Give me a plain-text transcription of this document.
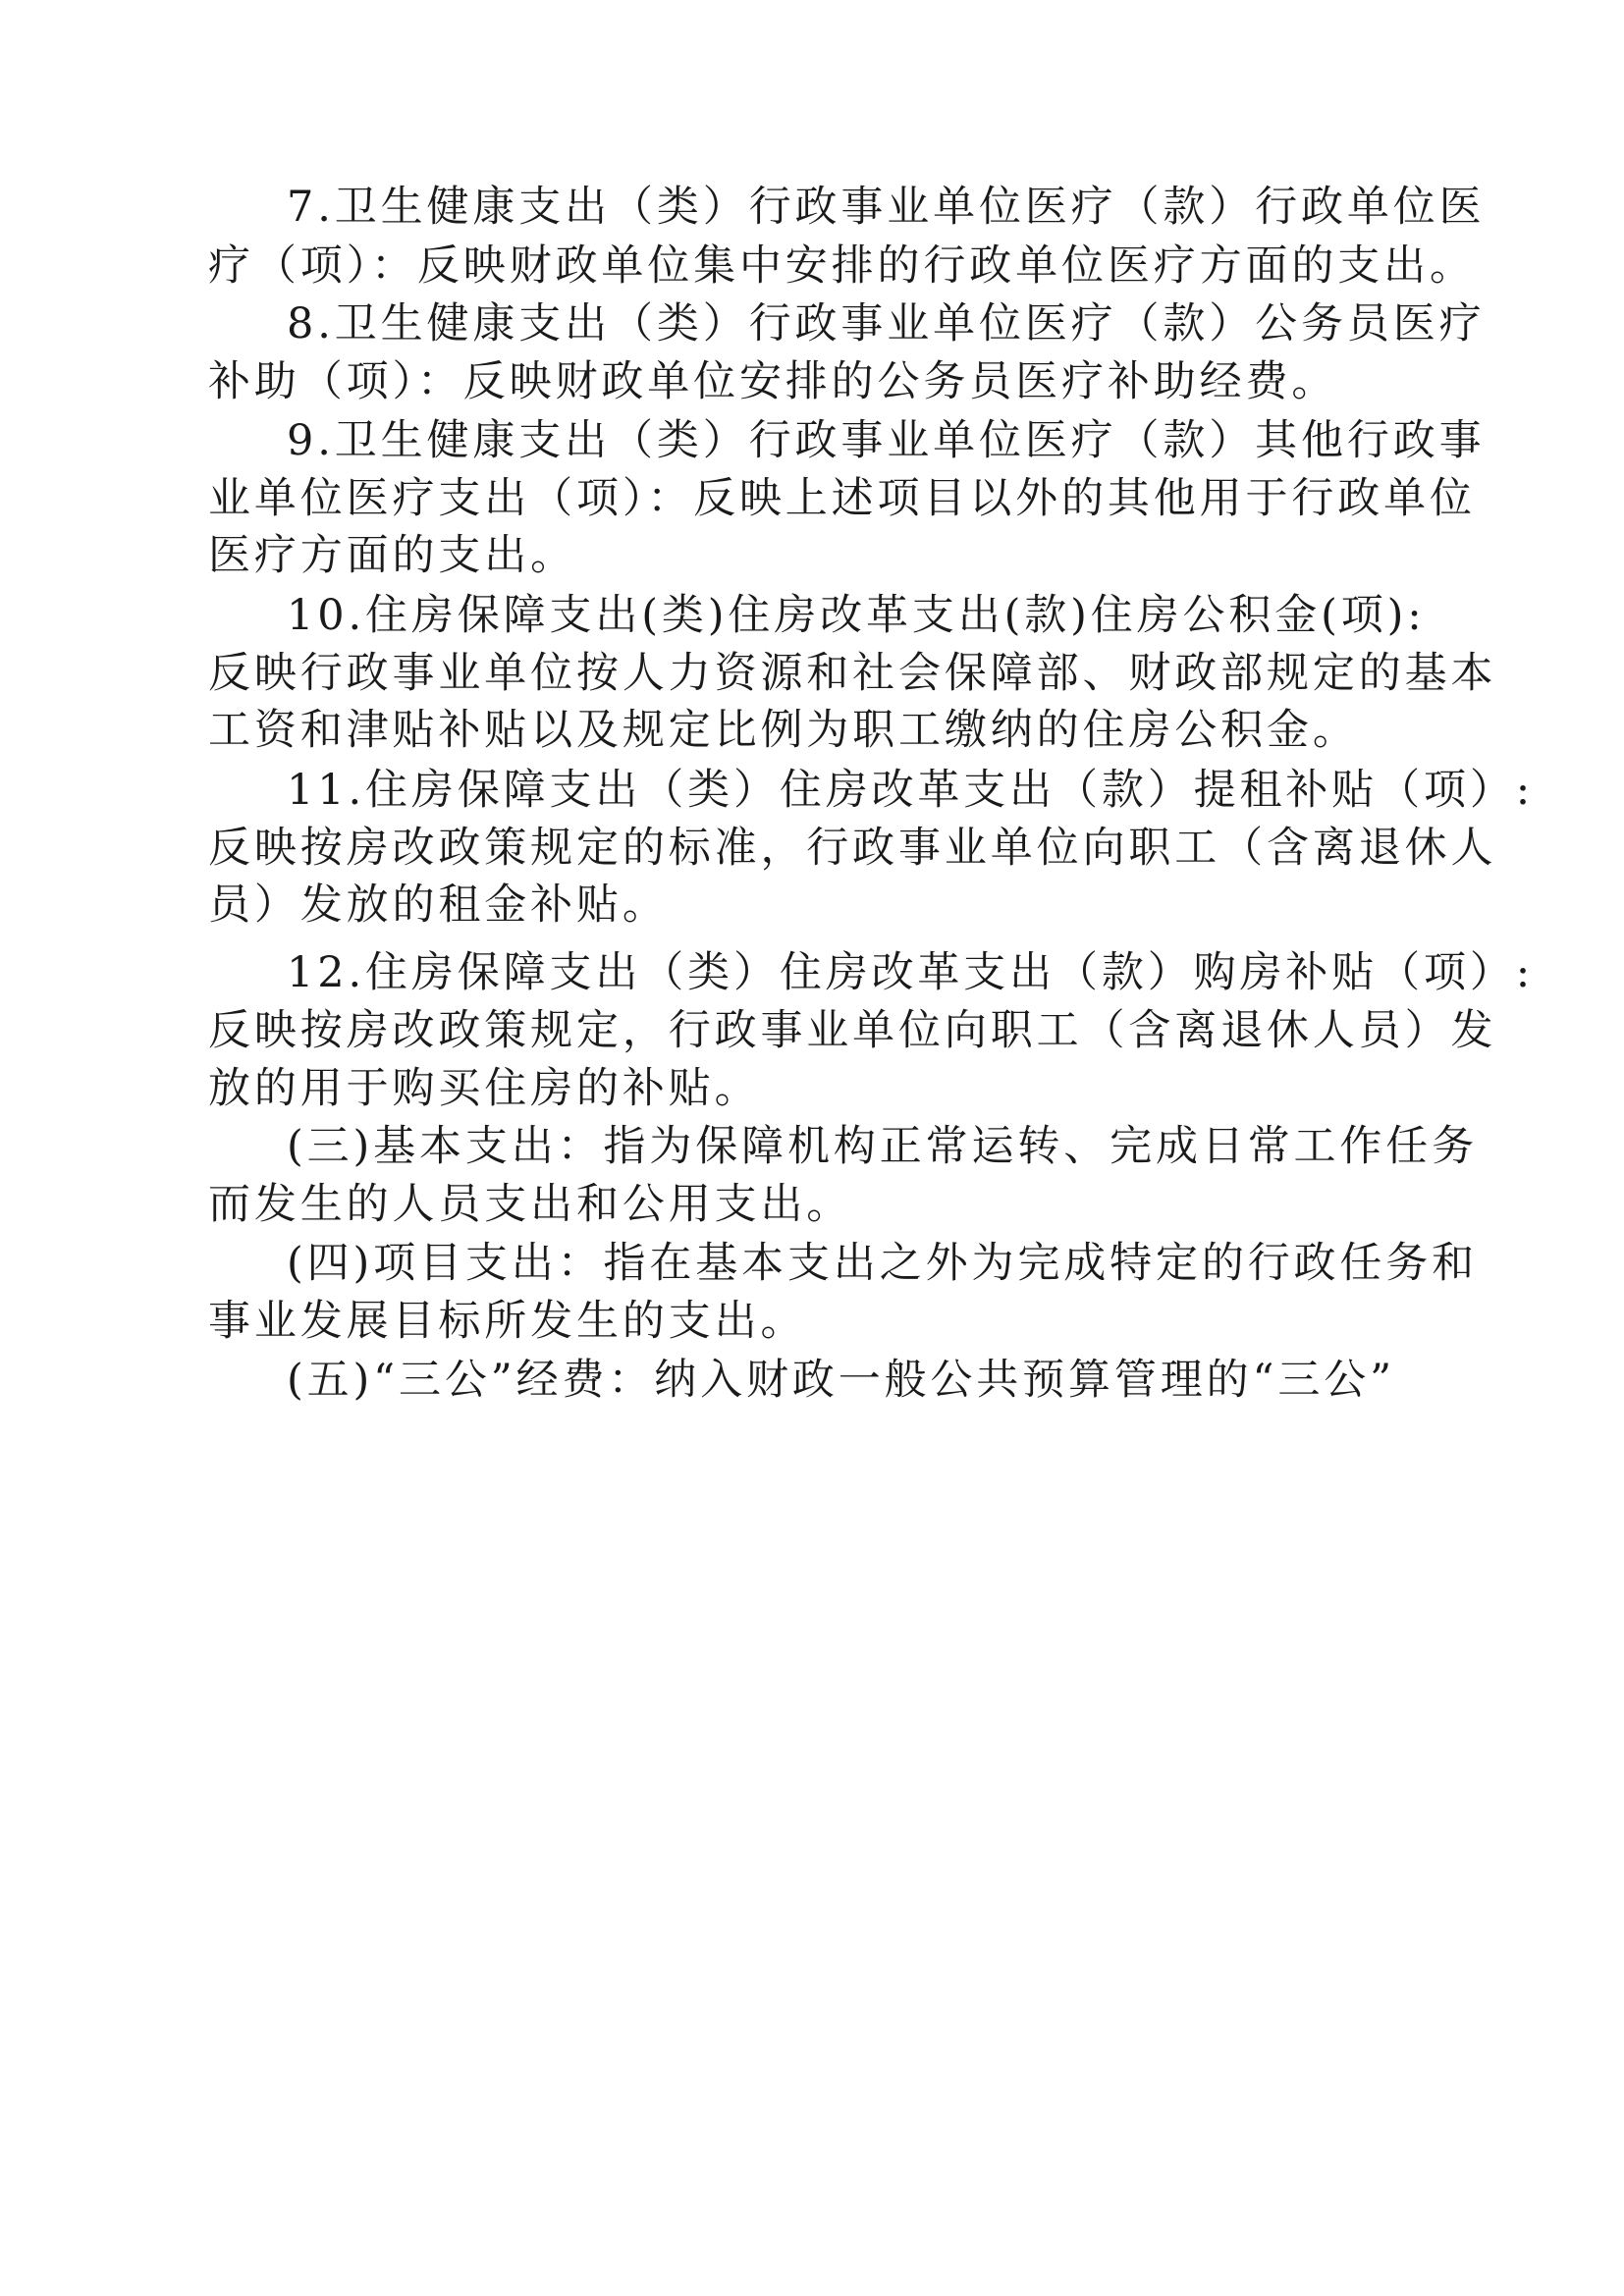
7.卫生健康支出（类）行政事业单位医疗（款）行政单位医
疗（项）：反映财政单位集中安排的行政单位医疗方面的支出。
8.卫生健康支出（类）行政事业单位医疗（款）公务员医疗
补助（项）：反映财政单位安排的公务员医疗补助经费。
9.卫生健康支出（类）行政事业单位医疗（款）其他行政事
业单位医疗支出（项）：反映上述项目以外的其他用于行政单位
医疗方面的支出。
10.住房保障支出(类)住房改革支出(款)住房公积金(项):
反映行政事业单位按人力资源和社会保障部、财政部规定的基本
工资和津贴补贴以及规定比例为职工缴纳的住房公积金。
11.住房保障支出（类）住房改革支出（款）提租补贴（项）:
反映按房改政策规定的标准，行政事业单位向职工（含离退休人
员）发放的租金补贴。
12.住房保障支出（类）住房改革支出（款）购房补贴（项）:
反映按房改政策规定，行政事业单位向职工（含离退休人员）发
放的用于购买住房的补贴。
(三)基本支出：指为保障机构正常运转、完成日常工作任务
而发生的人员支出和公用支出。
(四)项目支出：指在基本支出之外为完成特定的行政任务和
事业发展目标所发生的支出。
(五)“三公”经费：纳入财政一般公共预算管理的“三公”
